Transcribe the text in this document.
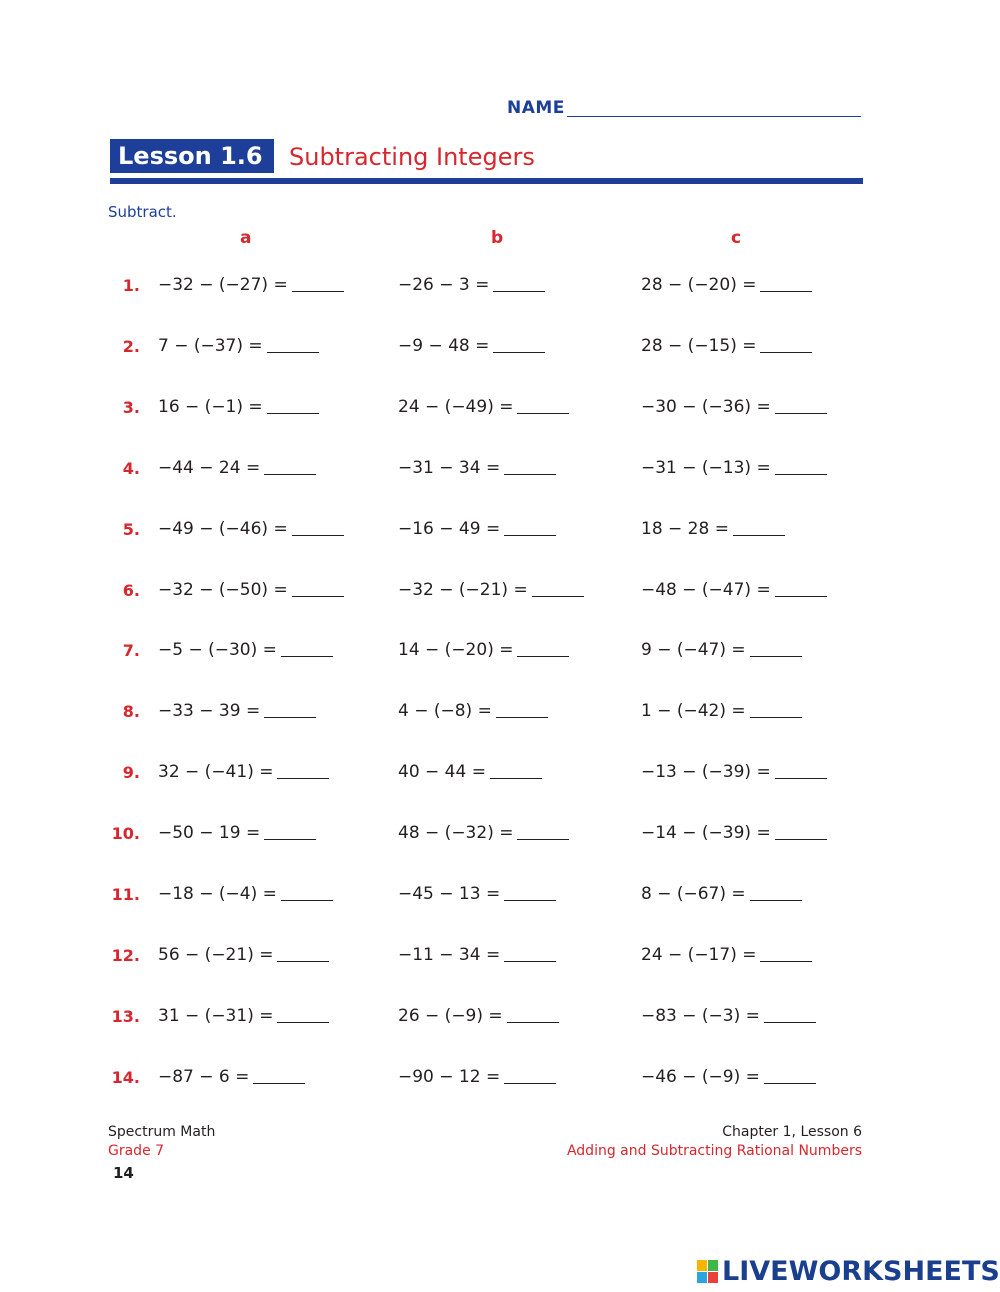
NAME
Lesson 1.6	Subtracting Integers
Subtract.
a	b	c
1. −32 − (−27) =	−26 − 3 =	28 − (−20) =
2. 7 − (−37) =	−9 − 48 =	28 − (−15) =
3. 16 − (−1) =	24 − (−49) =	−30 − (−36) =
4. −44 − 24 =	−31 − 34 =	−31 − (−13) =
5. −49 − (−46) =	−16 − 49 =	18 − 28 =
6. −32 − (−50) =	−32 − (−21) =	−48 − (−47) =
7. −5 − (−30) =	14 − (−20) =	9 − (−47) =
8. −33 − 39 =	4 − (−8) =	1 − (−42) =
9. 32 − (−41) =	40 − 44 =	−13 − (−39) =
10. −50 − 19 =	48 − (−32) =	−14 − (−39) =
11. −18 − (−4) =	−45 − 13 =	8 − (−67) =
12. 56 − (−21) =	−11 − 34 =	24 − (−17) =
13. 31 − (−31) =	26 − (−9) =	−83 − (−3) =
14. −87 − 6 =	−90 − 12 =	−46 − (−9) =
Spectrum Math
Grade 7
14
Chapter 1, Lesson 6
Adding and Subtracting Rational Numbers
LIVEWORKSHEETS
